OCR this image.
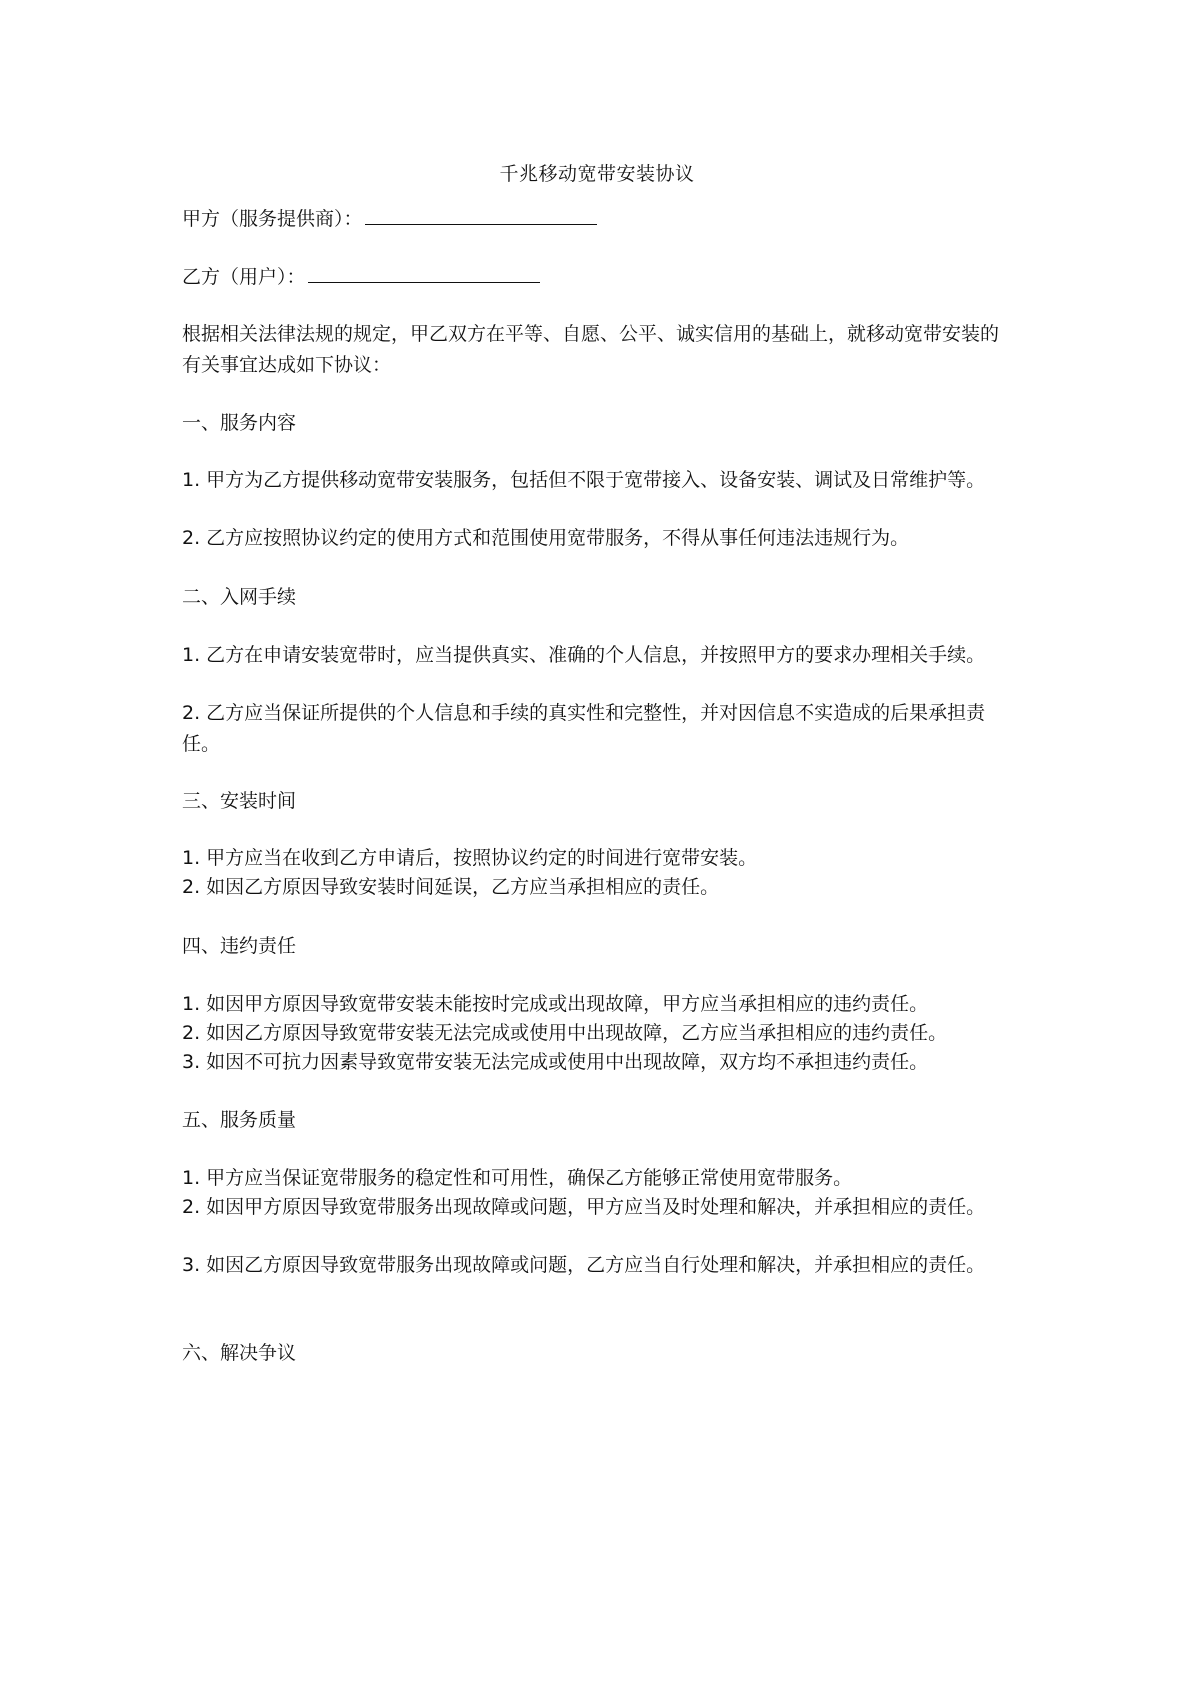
千兆移动宽带安装协议
甲方（服务提供商）：
乙方（用户）：
根据相关法律法规的规定，甲乙双方在平等、自愿、公平、诚实信用的基础上，就移动宽带安装的有关事宜达成如下协议：
一、服务内容
1. 甲方为乙方提供移动宽带安装服务，包括但不限于宽带接入、设备安装、调试及日常维护等。
2. 乙方应按照协议约定的使用方式和范围使用宽带服务，不得从事任何违法违规行为。
二、入网手续
1. 乙方在申请安装宽带时，应当提供真实、准确的个人信息，并按照甲方的要求办理相关手续。
2. 乙方应当保证所提供的个人信息和手续的真实性和完整性，并对因信息不实造成的后果承担责任。
三、安装时间
1. 甲方应当在收到乙方申请后，按照协议约定的时间进行宽带安装。
2. 如因乙方原因导致安装时间延误，乙方应当承担相应的责任。
四、违约责任
1. 如因甲方原因导致宽带安装未能按时完成或出现故障，甲方应当承担相应的违约责任。
2. 如因乙方原因导致宽带安装无法完成或使用中出现故障，乙方应当承担相应的违约责任。
3. 如因不可抗力因素导致宽带安装无法完成或使用中出现故障，双方均不承担违约责任。
五、服务质量
1. 甲方应当保证宽带服务的稳定性和可用性，确保乙方能够正常使用宽带服务。
2. 如因甲方原因导致宽带服务出现故障或问题，甲方应当及时处理和解决，并承担相应的责任。
3. 如因乙方原因导致宽带服务出现故障或问题，乙方应当自行处理和解决，并承担相应的责任。
六、解决争议
